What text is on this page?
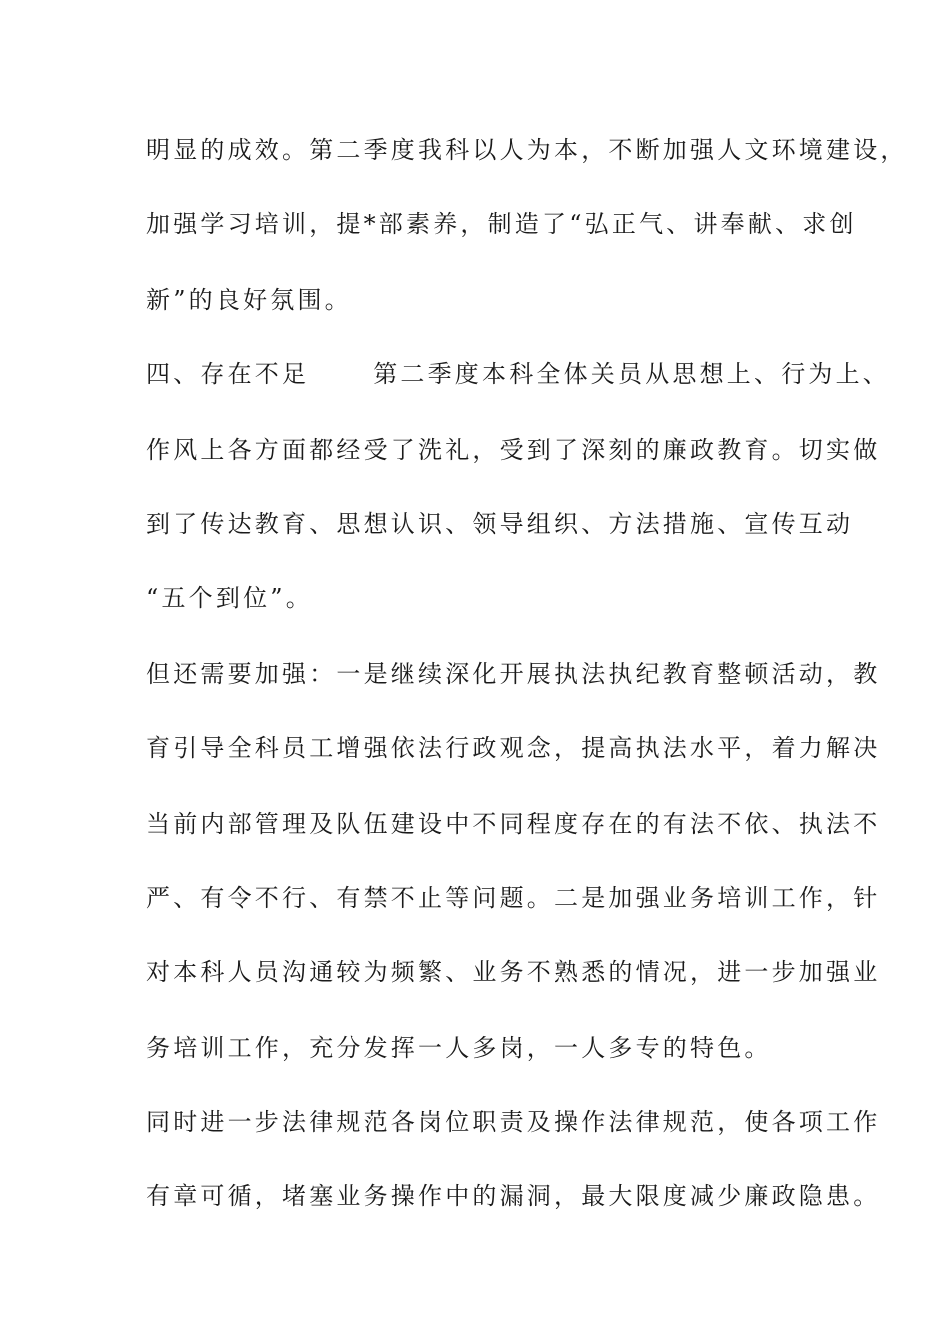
明显的成效。第二季度我科以人为本，不断加强人文环境建设，
加强学习培训，提*部素养，制造了“弘正气、讲奉献、求创
新”的良好氛围。
四、存在不足	第二季度本科全体关员从思想上、行为上、
作风上各方面都经受了洗礼，受到了深刻的廉政教育。切实做
到了传达教育、思想认识、领导组织、方法措施、宣传互动
“五个到位”。
但还需要加强：一是继续深化开展执法执纪教育整顿活动，教
育引导全科员工增强依法行政观念，提高执法水平，着力解决
当前内部管理及队伍建设中不同程度存在的有法不依、执法不
严、有令不行、有禁不止等问题。二是加强业务培训工作，针
对本科人员沟通较为频繁、业务不熟悉的情况，进一步加强业
务培训工作，充分发挥一人多岗，一人多专的特色。
同时进一步法律规范各岗位职责及操作法律规范，使各项工作
有章可循，堵塞业务操作中的漏洞，最大限度减少廉政隐患。
